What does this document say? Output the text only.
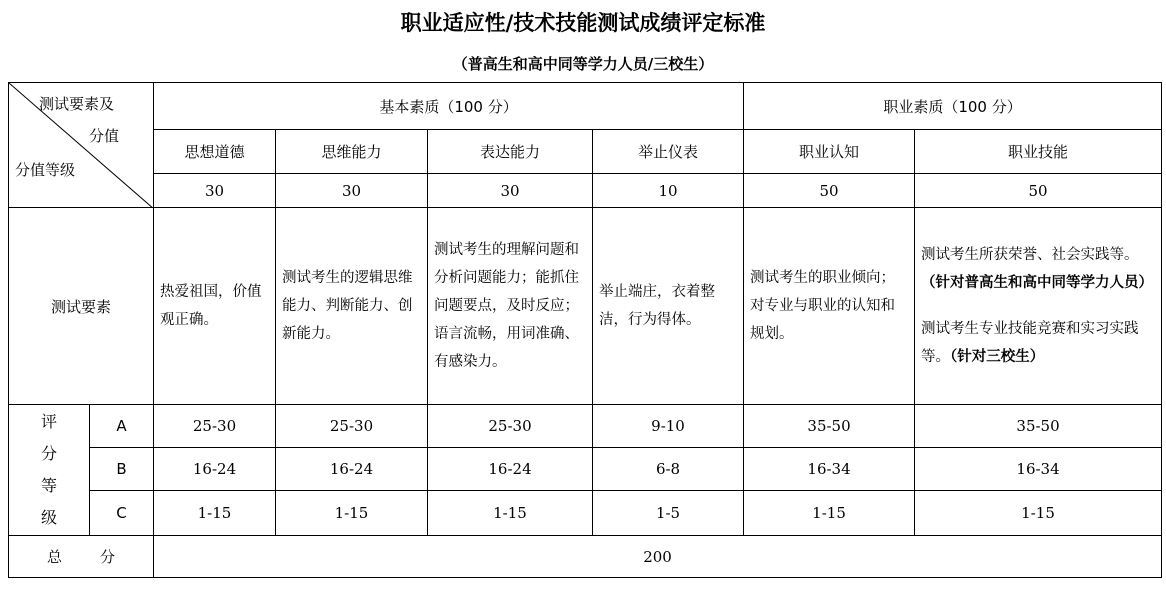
职业适应性/技术技能测试成绩评定标准
（普高生和高中同等学力人员/三校生）
测试要素及
分值
分值等级		基本素质（100 分）				职业素质（100 分）	
		思想道德	思维能力	表达能力	举止仪表	职业认知	职业技能
		30	30	30	10	50	50
测试要素		热爱祖国，价值观正确。	测试考生的逻辑思维能力、判断能力、创新能力。	测试考生的理解问题和分析问题能力；能抓住问题要点，及时反应；语言流畅，用词准确、有感染力。	举止端庄，衣着整洁，行为得体。	测试考生的职业倾向；对专业与职业的认知和规划。	测试考生所获荣誉、社会实践等。
（针对普高生和高中同等学力人员）
测试考生专业技能竞赛和实习实践等。（针对三校生）

评
分
等
级	A	25-30	25-30	25-30	9-10	35-50	35-50
	B	16-24	16-24	16-24	6-8	16-34	16-34
	C	1-15	1-15	1-15	1-5	1-15	1-15
总 分		200					
